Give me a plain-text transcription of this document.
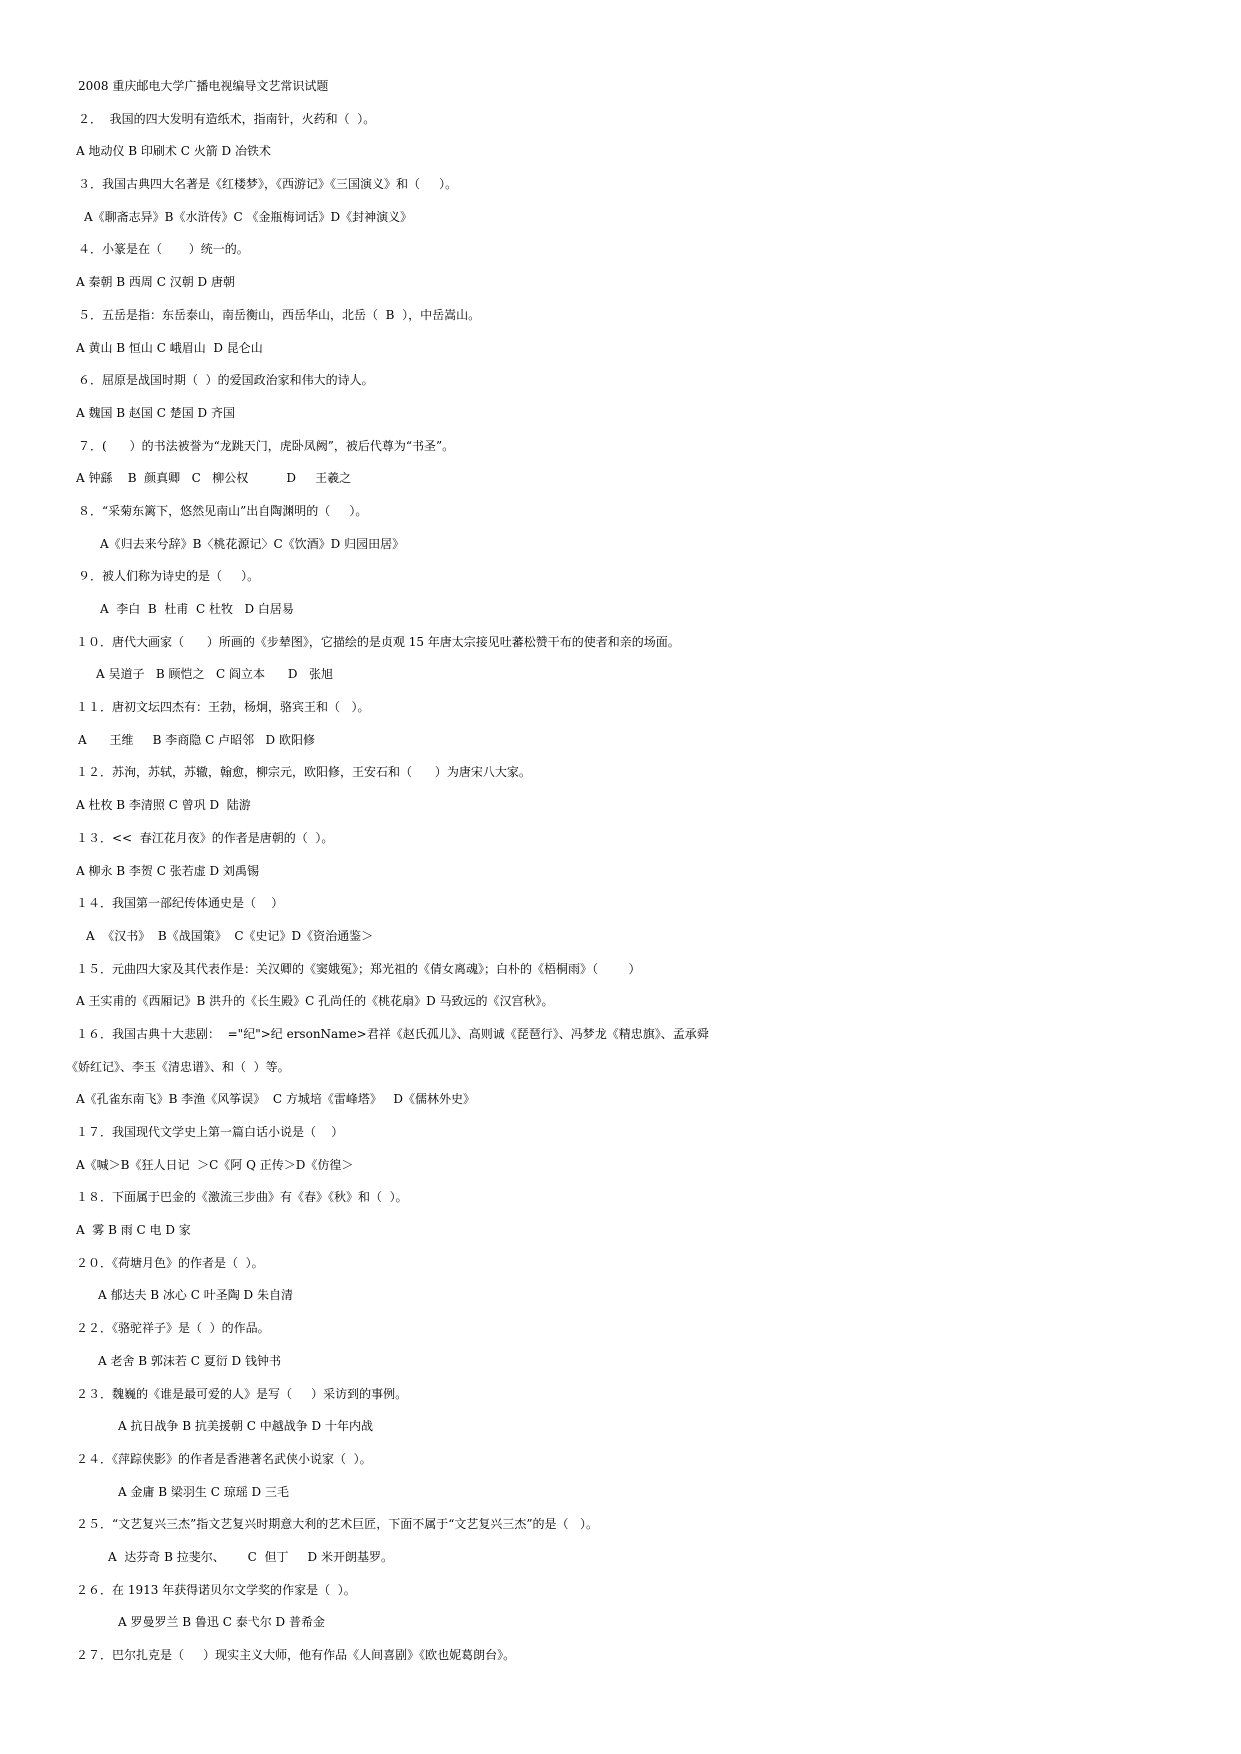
2008 重庆邮电大学广播电视编导文艺常识试题
２．  我国的四大发明有造纸术，指南针，火药和（  ）。
A 地动仪 B 印刷术 C 火箭 D 冶铁术
３．我国古典四大名著是《红楼梦》，《西游记》《三国演义》和（     ）。
A《聊斋志异》B《水浒传》C 《金瓶梅词话》D《封神演义》
４．小篆是在（       ）统一的。
A 秦朝 B 西周 C 汉朝 D 唐朝
５．五岳是指：东岳泰山，南岳衡山，西岳华山，北岳（  B  ），中岳嵩山。
A 黄山 B 恒山 C 峨眉山  D 昆仑山
６．屈原是战国时期（  ）的爱国政治家和伟大的诗人。
A 魏国 B 赵国 C 楚国 D 齐国
７．(      ）的书法被誉为“龙跳天门，虎卧凤阙”，被后代尊为“书圣”。
A 钟繇    B  颜真卿   C   柳公权          D     王羲之
８．“采菊东篱下，悠然见南山”出自陶渊明的（     ）。
A《归去来兮辞》B〈桃花源记〉C《饮酒》D 归园田居》
９．被人们称为诗史的是（     ）。
A  李白  B  杜甫  C 杜牧   D 白居易
１０．唐代大画家（      ）所画的《步辇图》，它描绘的是贞观 15 年唐太宗接见吐蕃松赞干布的使者和亲的场面。
A 吴道子   B 顾恺之   C 阎立本      D   张旭
１１．唐初文坛四杰有：王勃，杨炯，骆宾王和（   ）。
A      王维     B 李商隐 C 卢昭邻   D 欧阳修
１２．苏洵，苏轼，苏辙，翰愈，柳宗元，欧阳修，王安石和（      ）为唐宋八大家。
A 杜枚 B 李清照 C 曾巩 D  陆游
１３．<<  春江花月夜》的作者是唐朝的（  ）。
A 柳永 B 李贺 C 张若虚 D 刘禹锡
１４．我国第一部纪传体通史是（    ）
A  《汉书》  B《战国策》  C《史记》D《资治通鉴＞
１５．元曲四大家及其代表作是：关汉卿的《窦娥冤》；郑光祖的《倩女离魂》；白朴的《梧桐雨》（        ）
A 王实甫的《西厢记》B 洪升的《长生殿》C 孔尚任的《桃花扇》D 马致远的《汉宫秋》。
１６．我国古典十大悲剧：  ="纪">纪 ersonName>君祥《赵氏孤儿》、高则诚《琵琶行》、冯梦龙《精忠旗》、孟承舜
《娇红记》、李玉《清忠谱》、和（  ）等。
A《孔雀东南飞》B 李渔《风筝误》  C 方城培《雷峰塔》   D《儒林外史》
１７．我国现代文学史上第一篇白话小说是（    ）
A《喊＞B《狂人日记  ＞C《阿 Q 正传＞D《仿徨＞
１８．下面属于巴金的《激流三步曲》有《春》《秋》和（  ）。
A  雾 B 雨 C 电 D 家
２０．《荷塘月色》的作者是（  ）。
A 郁达夫 B 冰心 C 叶圣陶 D 朱自清
２２．《骆驼祥子》是（  ）的作品。
A 老舍 B 郭沫若 C 夏衍 D 钱钟书
２３．魏巍的《谁是最可爱的人》是写（     ）采访到的事例。
A 抗日战争 B 抗美援朝 C 中越战争 D 十年内战
２４．《萍踪侠影》的作者是香港著名武侠小说家（  ）。
A 金庸 B 梁羽生 C 琼瑶 D 三毛
２５．“文艺复兴三杰”指文艺复兴时期意大利的艺术巨匠，下面不属于“文艺复兴三杰”的是（   ）。
A  达芬奇 B 拉斐尔、      C  但丁     D 米开朗基罗。
２６．在 1913 年获得诺贝尔文学奖的作家是（  ）。
A 罗曼罗兰 B 鲁迅 C 泰弋尔 D 普希金
２７．巴尔扎克是（     ）现实主义大师，他有作品《人间喜剧》《欧也妮葛朗台》。
